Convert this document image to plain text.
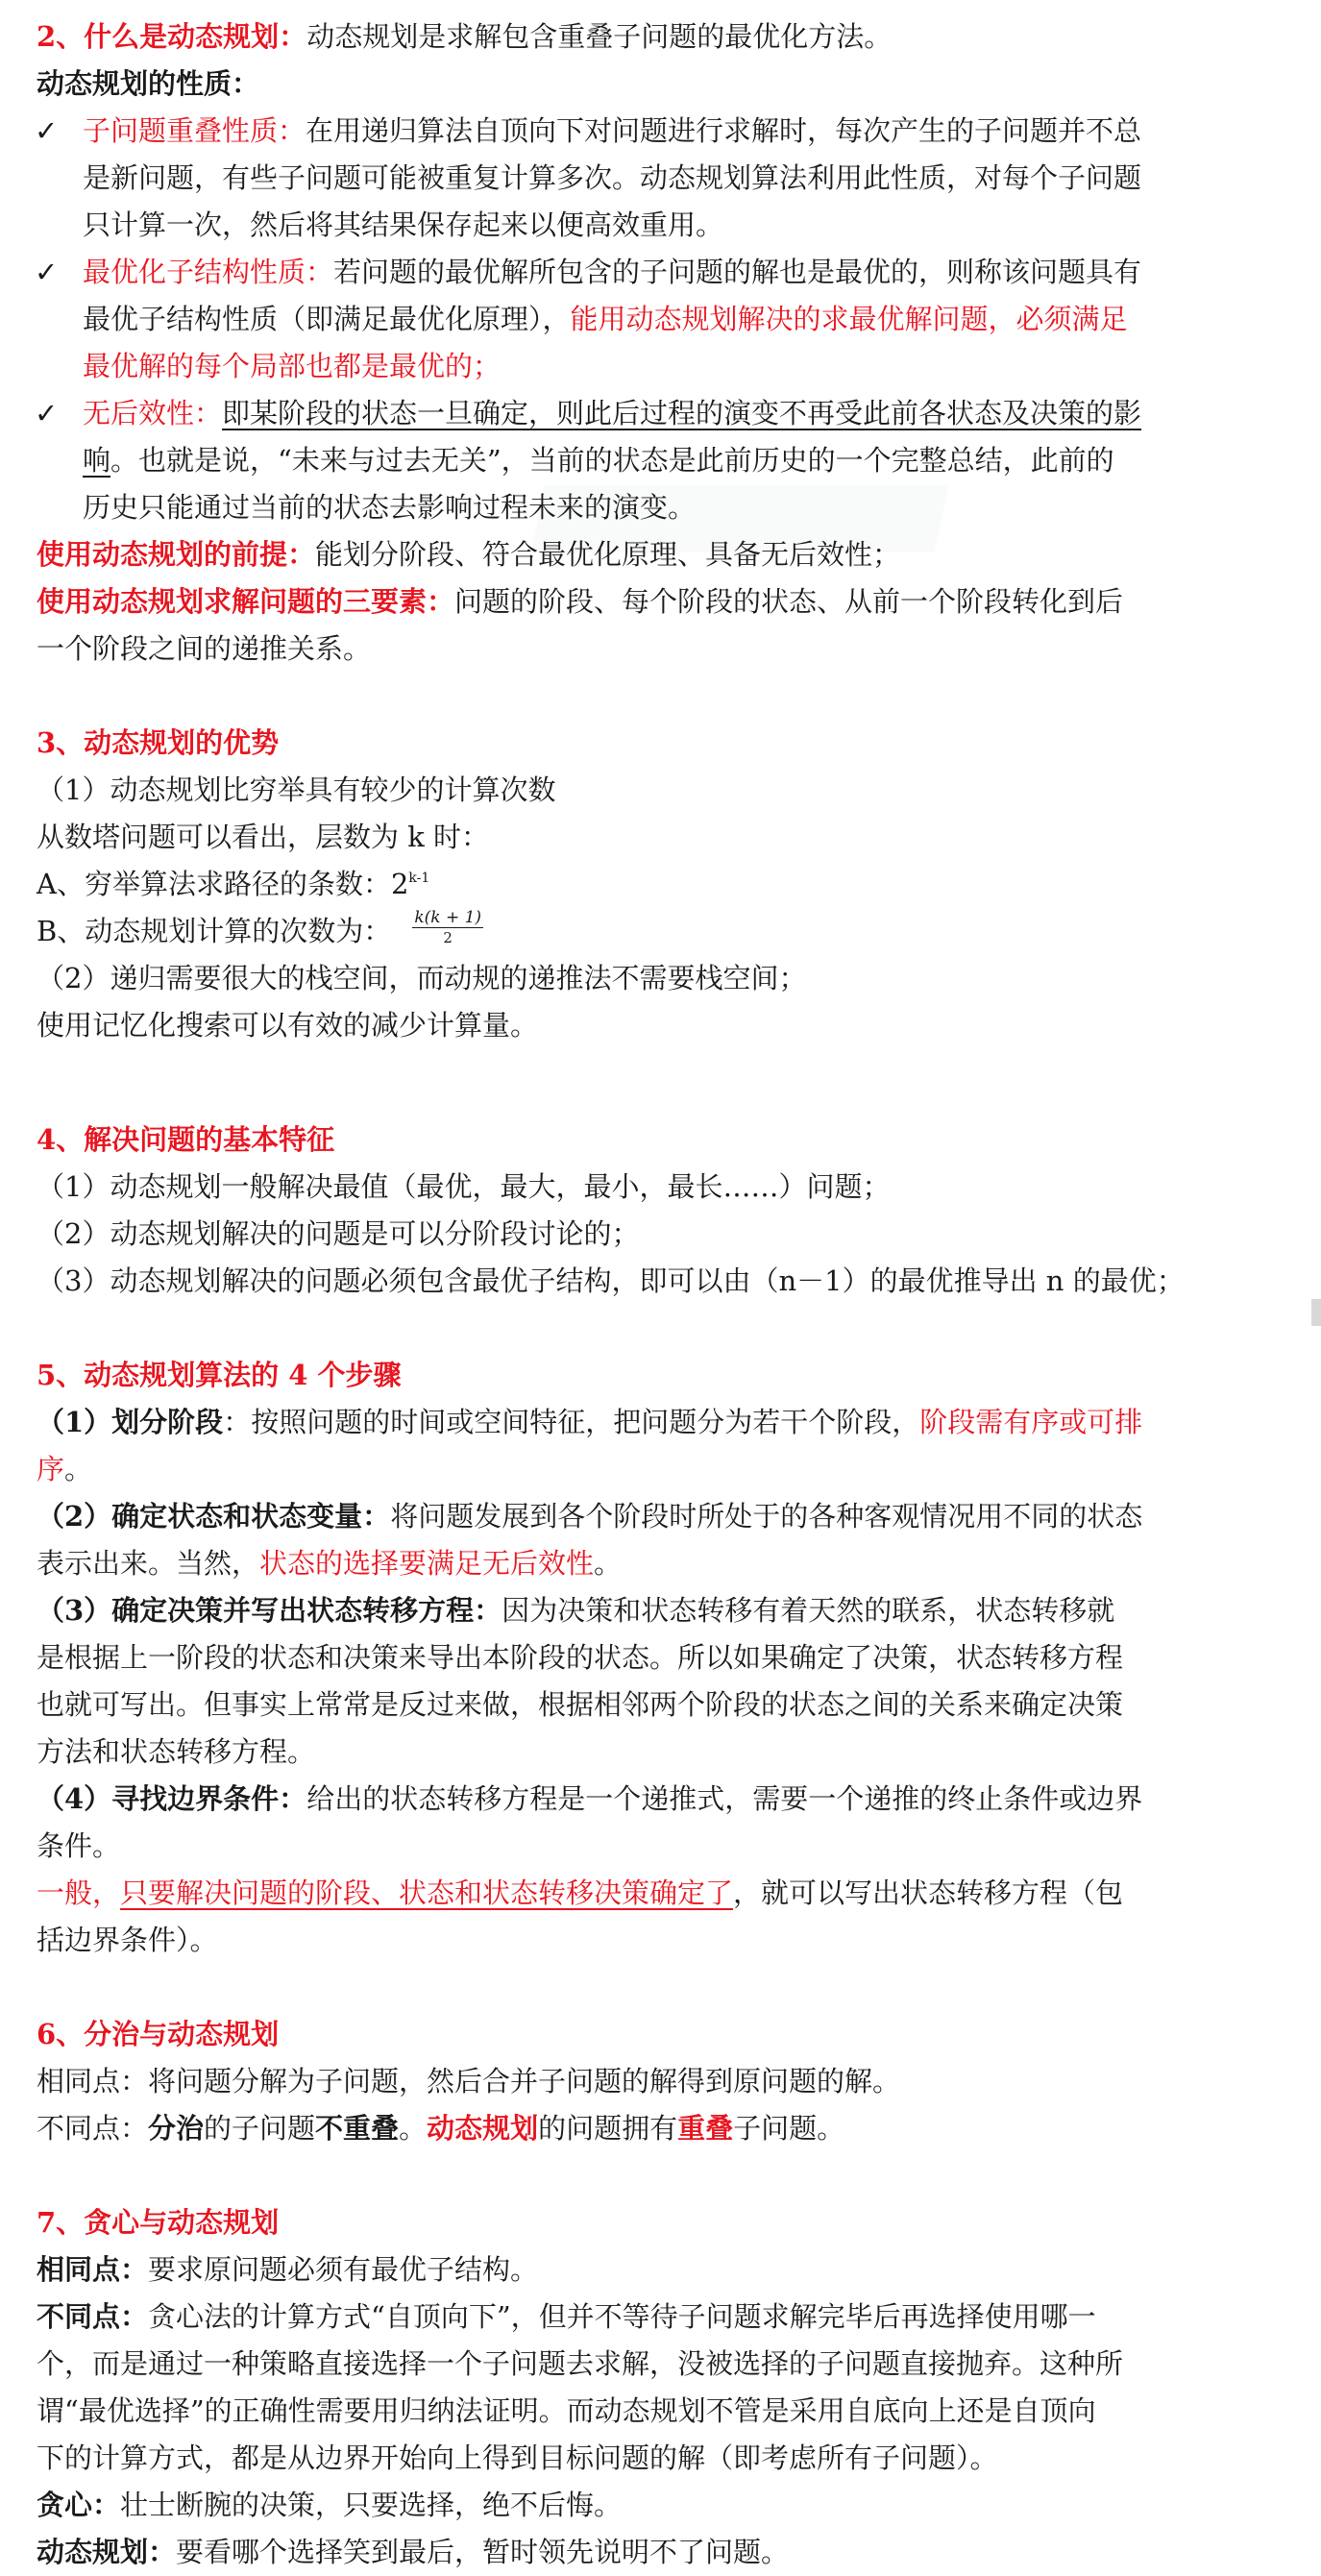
2、什么是动态规划：动态规划是求解包含重叠子问题的最优化方法。
动态规划的性质：
✓ 子问题重叠性质：在用递归算法自顶向下对问题进行求解时，每次产生的子问题并不总
是新问题，有些子问题可能被重复计算多次。动态规划算法利用此性质，对每个子问题
只计算一次，然后将其结果保存起来以便高效重用。
✓ 最优化子结构性质：若问题的最优解所包含的子问题的解也是最优的，则称该问题具有
最优子结构性质（即满足最优化原理），能用动态规划解决的求最优解问题，必须满足
最优解的每个局部也都是最优的；
✓ 无后效性：即某阶段的状态一旦确定，则此后过程的演变不再受此前各状态及决策的影
响。也就是说，“未来与过去无关”，当前的状态是此前历史的一个完整总结，此前的
历史只能通过当前的状态去影响过程未来的演变。
使用动态规划的前提：能划分阶段、符合最优化原理、具备无后效性；
使用动态规划求解问题的三要素：问题的阶段、每个阶段的状态、从前一个阶段转化到后
一个阶段之间的递推关系。
3、动态规划的优势
（1）动态规划比穷举具有较少的计算次数
从数塔问题可以看出，层数为 k 时：
A、穷举算法求路径的条数：2$^{k-1}$
B、动态规划计算的次数为： $\frac{k(k + 1)}{2}$
（2）递归需要很大的栈空间，而动规的递推法不需要栈空间；
使用记忆化搜索可以有效的减少计算量。
4、解决问题的基本特征
（1）动态规划一般解决最值（最优，最大，最小，最长……）问题；
（2）动态规划解决的问题是可以分阶段讨论的；
（3）动态规划解决的问题必须包含最优子结构，即可以由（n－1）的最优推导出 n 的最优；
5、动态规划算法的 4 个步骤
（1）划分阶段：按照问题的时间或空间特征，把问题分为若干个阶段，阶段需有序或可排
序。
（2）确定状态和状态变量：将问题发展到各个阶段时所处于的各种客观情况用不同的状态
表示出来。当然，状态的选择要满足无后效性。
（3）确定决策并写出状态转移方程：因为决策和状态转移有着天然的联系，状态转移就
是根据上一阶段的状态和决策来导出本阶段的状态。所以如果确定了决策，状态转移方程
也就可写出。但事实上常常是反过来做，根据相邻两个阶段的状态之间的关系来确定决策
方法和状态转移方程。
（4）寻找边界条件：给出的状态转移方程是一个递推式，需要一个递推的终止条件或边界
条件。
一般，只要解决问题的阶段、状态和状态转移决策确定了，就可以写出状态转移方程（包
括边界条件）。
6、分治与动态规划
相同点：将问题分解为子问题，然后合并子问题的解得到原问题的解。
不同点：分治的子问题不重叠。动态规划的问题拥有重叠子问题。
7、贪心与动态规划
相同点：要求原问题必须有最优子结构。
不同点：贪心法的计算方式“自顶向下”，但并不等待子问题求解完毕后再选择使用哪一
个，而是通过一种策略直接选择一个子问题去求解，没被选择的子问题直接抛弃。这种所
谓“最优选择”的正确性需要用归纳法证明。而动态规划不管是采用自底向上还是自顶向
下的计算方式，都是从边界开始向上得到目标问题的解（即考虑所有子问题）。
贪心：壮士断腕的决策，只要选择，绝不后悔。
动态规划：要看哪个选择笑到最后，暂时领先说明不了问题。
